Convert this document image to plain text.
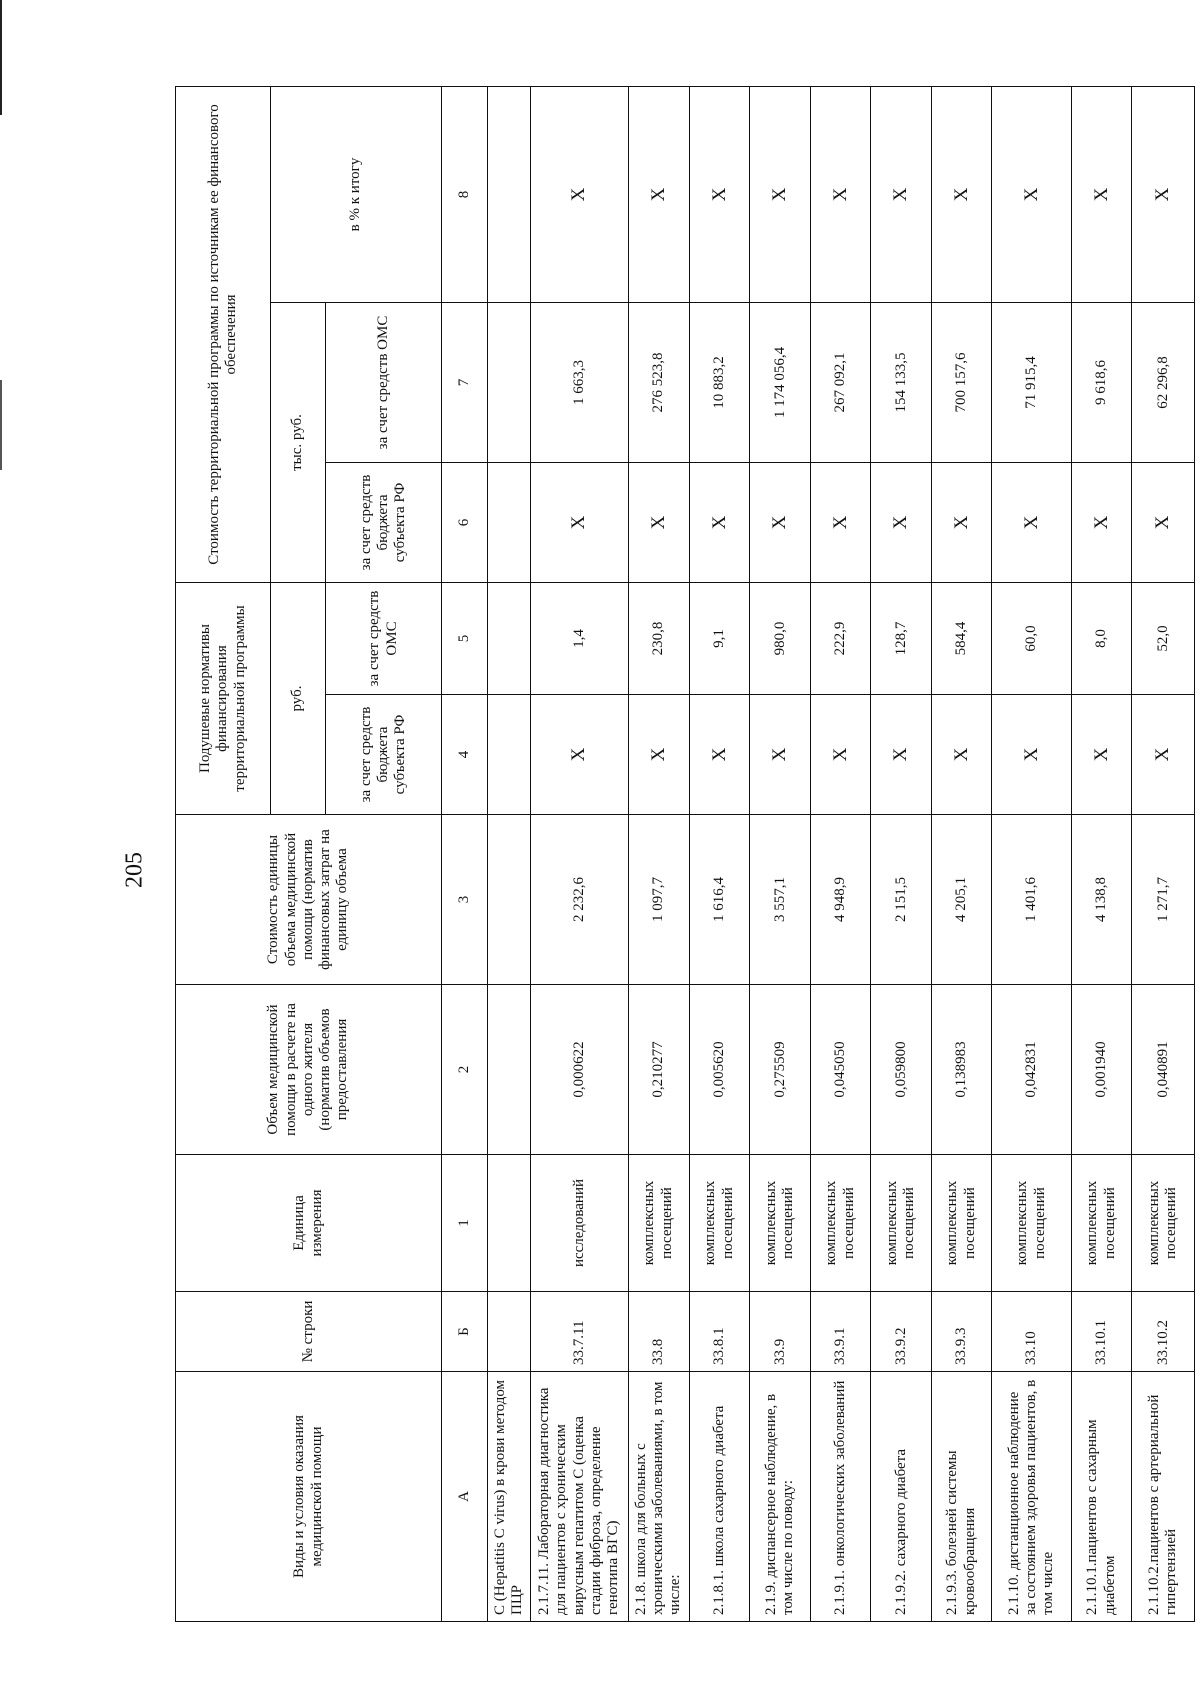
205
Виды и условия оказания медицинской помощи	№ строки	Единица измерения	Объем медицинской помощи в расчете на одного жителя (норматив объемов предоставления	Стоимость единицы объема медицинской помощи (норматив финансовых затрат на единицу объема	Подушевые нормативы финансирования территориальной программы		Стоимость территориальной программы по источникам ее финансового обеспечения		
					руб.		тыс. руб.		в % к итогу
					за счет средств бюджета субъекта РФ	за счет средств ОМС	за счет средств бюджета субъекта РФ	за счет средств ОМС	
А	Б	1	2	3	4	5	6	7	8
С (Hepatitis C virus) в крови методом ПЦР									
2.1.7.11. Лабораторная диагностика для пациентов с хроническим вирусным гепатитом С (оценка стадии фиброза, определение генотипа ВГС)	33.7.11	исследований	0,000622	2 232,6	X	1,4	X	1 663,3	X
2.1.8. школа для больных с хроническими заболеваниями, в том числе:	33.8	комплексных посещений	0,210277	1 097,7	X	230,8	X	276 523,8	X
2.1.8.1. школа сахарного диабета	33.8.1	комплексных посещений	0,005620	1 616,4	X	9,1	X	10 883,2	X
2.1.9. диспансерное наблюдение, в том числе по поводу:	33.9	комплексных посещений	0,275509	3 557,1	X	980,0	X	1 174 056,4	X
2.1.9.1. онкологических заболеваний	33.9.1	комплексных посещений	0,045050	4 948,9	X	222,9	X	267 092,1	X
2.1.9.2. сахарного диабета	33.9.2	комплексных посещений	0,059800	2 151,5	X	128,7	X	154 133,5	X
2.1.9.3. болезней системы кровообращения	33.9.3	комплексных посещений	0,138983	4 205,1	X	584,4	X	700 157,6	X
2.1.10. дистанционное наблюдение за состоянием здоровья пациентов, в том числе	33.10	комплексных посещений	0,042831	1 401,6	X	60,0	X	71 915,4	X
2.1.10.1.пациентов с сахарным диабетом	33.10.1	комплексных посещений	0,001940	4 138,8	X	8,0	X	9 618,6	X
2.1.10.2.пациентов с артериальной гипертензией	33.10.2	комплексных посещений	0,040891	1 271,7	X	52,0	X	62 296,8	X
